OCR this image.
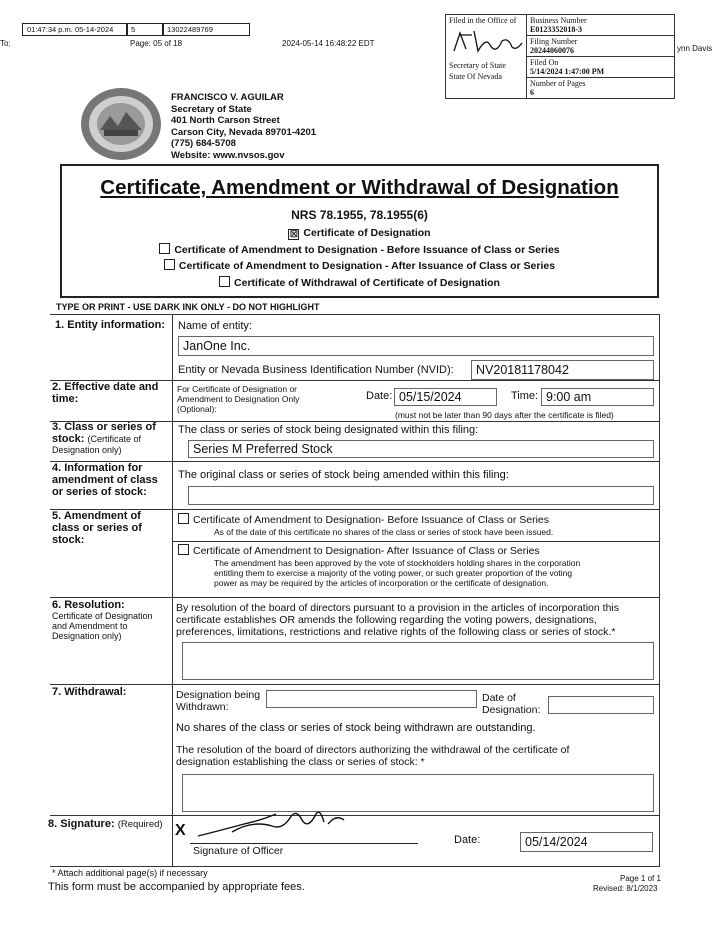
01:47:34 p.m. 05-14-2024	5	13022489769
To:	Page: 05 of 18	2024-05-14 16:48:22 EDT
ynn Davis
Filed in the Office of
Secretary of State
State Of Nevada
Business Number
E0123352018-3
Filing Number
20244060076
Filed On
5/14/2024 1:47:00 PM
Number of Pages
6
FRANCISCO V. AGUILAR
Secretary of State
401 North Carson Street
Carson City, Nevada 89701-4201
(775) 684-5708
Website: www.nvsos.gov
Certificate, Amendment or Withdrawal of Designation
NRS 78.1955, 78.1955(6)
☒ Certificate of Designation
Certificate of Amendment to Designation - Before Issuance of Class or Series
Certificate of Amendment to Designation - After Issuance of Class or Series
Certificate of Withdrawal of Certificate of Designation
TYPE OR PRINT - USE DARK INK ONLY - DO NOT HIGHLIGHT
1. Entity information: Name of entity:
JanOne Inc.
Entity or Nevada Business Identification Number (NVID):	NV20181178042
2. Effective date and
time:
For Certificate of Designation or
Amendment to Designation Only
(Optional):
Date: 05/15/2024	Time: 9:00 am
(must not be later than 90 days after the certificate is filed)
3. Class or series of
stock: (Certificate of
Designation only)
The class or series of stock being designated within this filing:
Series M Preferred Stock
4. Information for
amendment of class
or series of stock:
The original class or series of stock being amended within this filing:
5. Amendment of
class or series of
stock:
Certificate of Amendment to Designation- Before Issuance of Class or Series
As of the date of this certificate no shares of the class or series of stock have been issued.
Certificate of Amendment to Designation- After Issuance of Class or Series
The amendment has been approved by the vote of stockholders holding shares in the corporation
entitling them to exercise a majority of the voting power, or such greater proportion of the voting
power as may be required by the articles of incorporation or the certificate of designation.
6. Resolution:
Certificate of Designation
and Amendment to
Designation only)
By resolution of the board of directors pursuant to a provision in the articles of incorporation this
certificate establishes OR amends the following regarding the voting powers, designations,
preferences, limitations, restrictions and relative rights of the following class or series of stock.*
7. Withdrawal:	Designation being
Withdrawn:
Date of
Designation:
No shares of the class or series of stock being withdrawn are outstanding.
The resolution of the board of directors authorizing the withdrawal of the certificate of
designation establishing the class or series of stock: *
8. Signature: (Required) X
Signature of Officer
Date:	05/14/2024
* Attach additional page(s) if necessary
This form must be accompanied by appropriate fees.
Page 1 of 1
Revised: 8/1/2023
